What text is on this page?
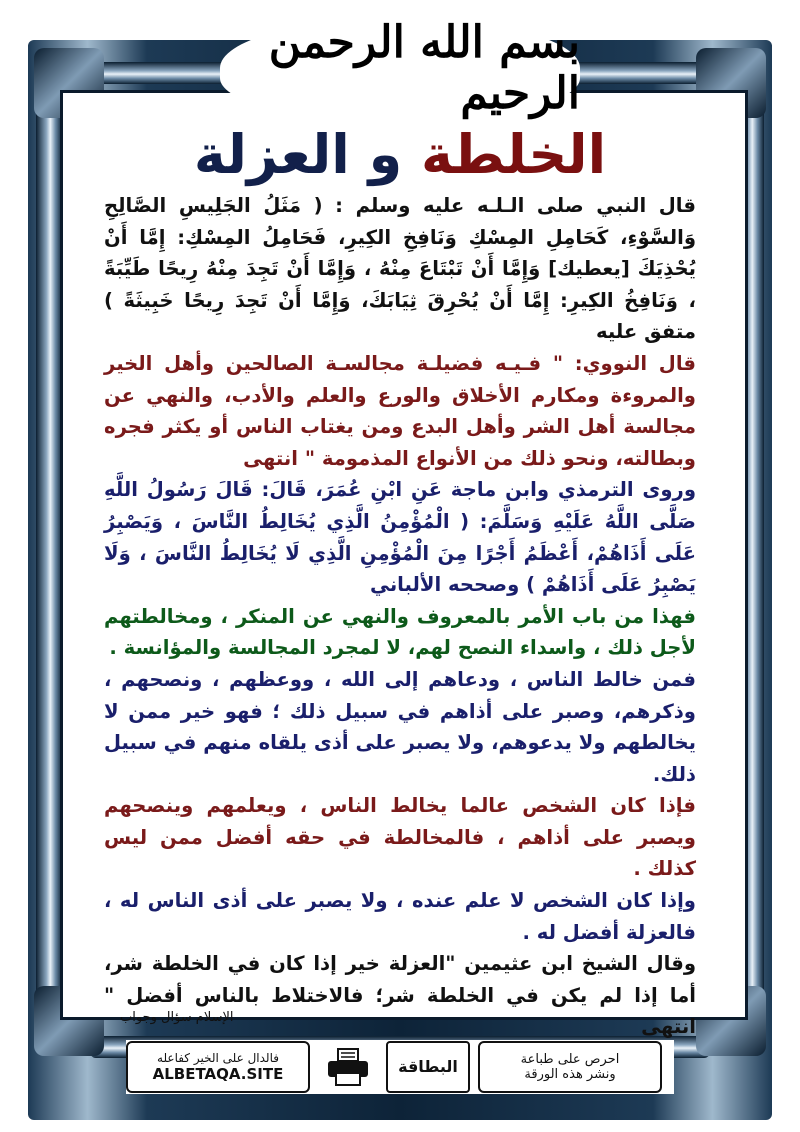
بسم الله الرحمن الرحيم
الخلطة و العزلة

قال النبي صلى الـلـه عليه وسلم : ( مَثَلُ الجَلِيسِ الصَّالِحِ وَالسَّوْءِ، كَحَامِلِ المِسْكِ وَنَافِخِ الكِيرِ، فَحَامِلُ المِسْكِ: إِمَّا أَنْ يُحْذِيَكَ [يعطيك] وَإِمَّا أَنْ تَبْتَاعَ مِنْهُ ، وَإِمَّا أَنْ تَجِدَ مِنْهُ رِيحًا طَيِّبَةً ، وَنَافِخُ الكِيرِ: إِمَّا أَنْ يُحْرِقَ ثِيَابَكَ، وَإِمَّا أَنْ تَجِدَ رِيحًا خَبِيثَةً ) متفق عليه

قال النووي: " فـيـه فضيلـة مجالسـة الصالحين وأهل الخير والمروءة ومكارم الأخلاق والورع والعلم والأدب، والنهي عن مجالسة أهل الشر وأهل البدع ومن يغتاب الناس أو يكثر فجره وبطالته، ونحو ذلك من الأنواع المذمومة " انتهى

وروى الترمذي وابن ماجة عَنِ ابْنِ عُمَرَ، قَالَ: قَالَ رَسُولُ اللَّهِ صَلَّى اللَّهُ عَلَيْهِ وَسَلَّمَ: ( الْمُؤْمِنُ الَّذِي يُخَالِطُ النَّاسَ ، وَيَصْبِرُ عَلَى أَذَاهُمْ، أَعْظَمُ أَجْرًا مِنَ الْمُؤْمِنِ الَّذِي لَا يُخَالِطُ النَّاسَ ، وَلَا يَصْبِرُ عَلَى أَذَاهُمْ ) وصححه الألباني

فهذا من باب الأمر بالمعروف والنهي عن المنكر ، ومخالطتهم لأجل ذلك ، واسداء النصح لهم، لا لمجرد المجالسة والمؤانسة .

فمن خالط الناس ، ودعاهم إلى الله ، ووعظهم ، ونصحهم ، وذكرهم، وصبر على أذاهم في سبيل ذلك ؛ فهو خير ممن لا يخالطهم ولا يدعوهم، ولا يصبر على أذى يلقاه منهم في سبيل ذلك.

فإذا كان الشخص عالما يخالط الناس ، ويعلمهم وينصحهم ويصبر على أذاهم ، فالمخالطة في حقه أفضل ممن ليس كذلك .

وإذا كان الشخص لا علم عنده ، ولا يصبر على أذى الناس له ، فالعزلة أفضل له .

وقال الشيخ ابن عثيمين "العزلة خير إذا كان في الخلطة شر، أما إذا لم يكن في الخلطة شر؛ فالاختلاط بالناس أفضل " انتهى

الإسلام سؤال وجواب
فالدال على الخير كفاعله
ALBETAQA.SITE	البطاقة	احرص على طباعة
ونشر هذه الورقة
